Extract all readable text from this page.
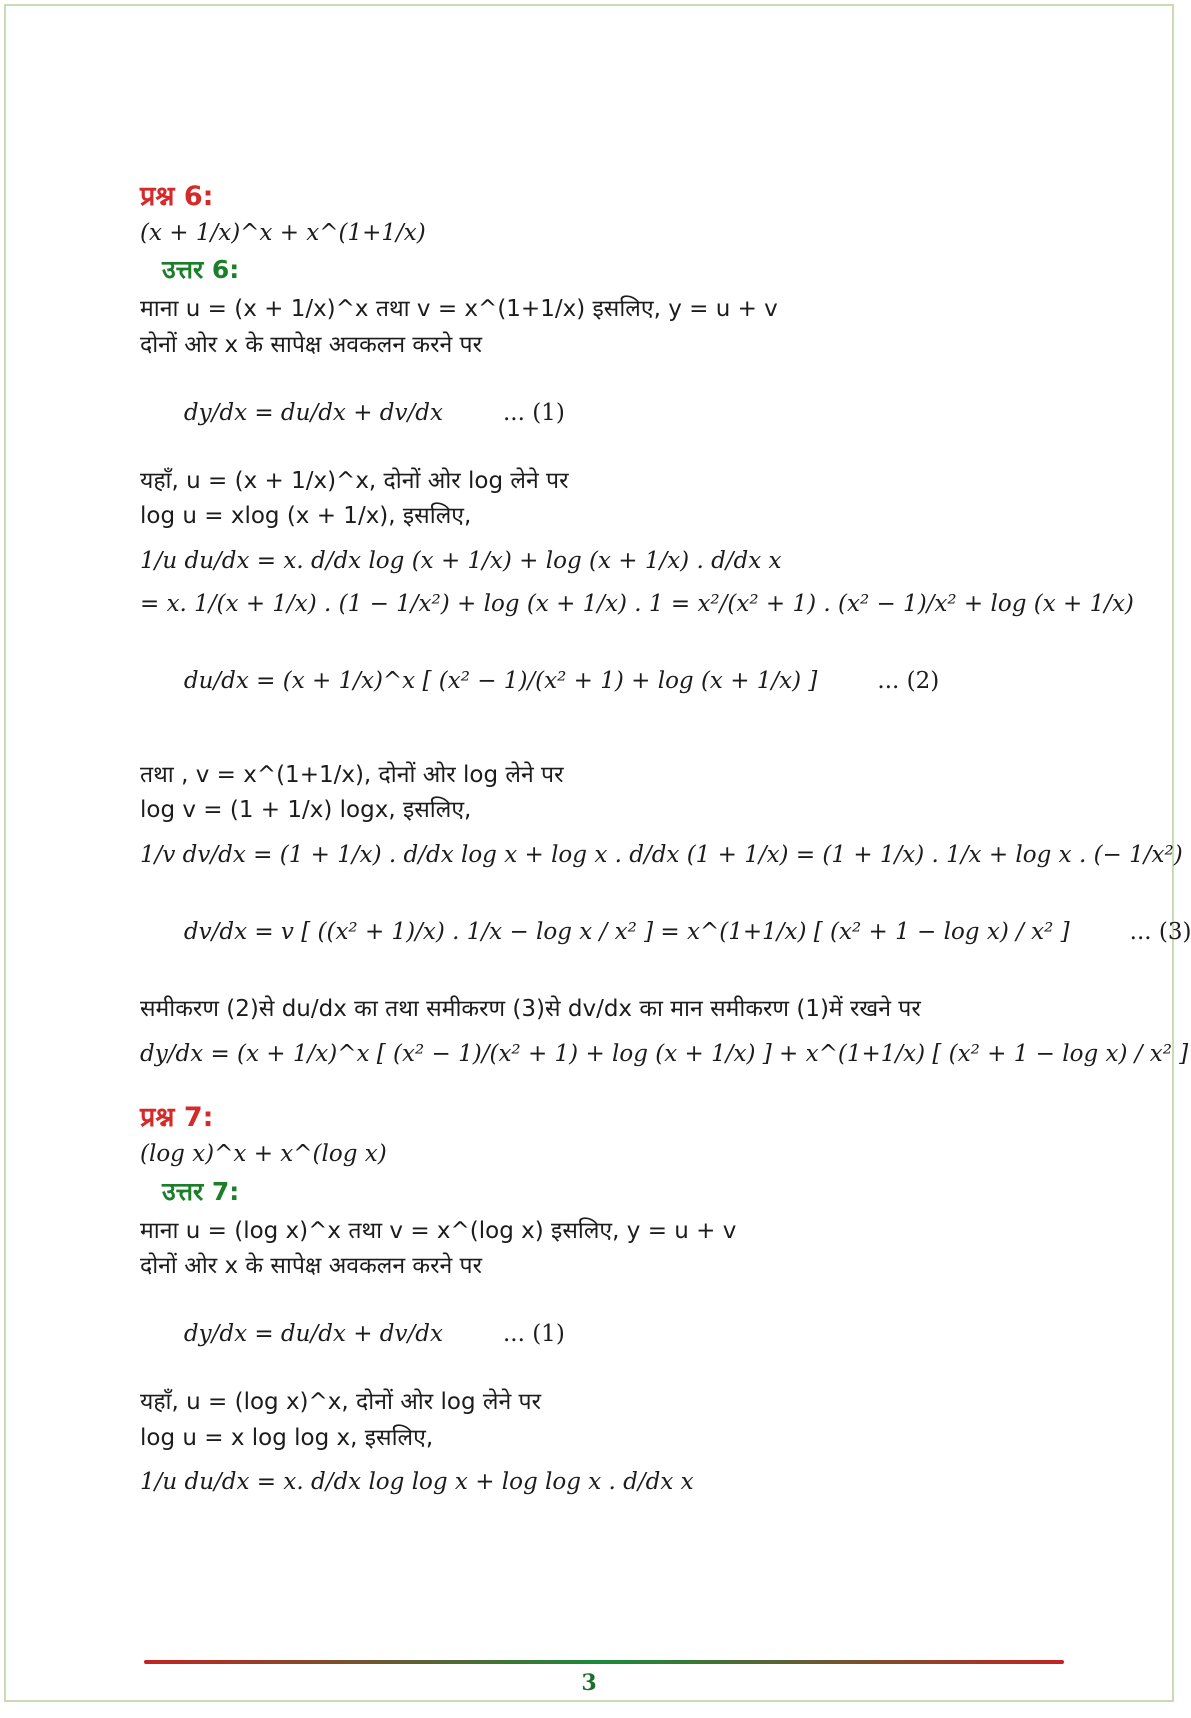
प्रश्न 6:
(x + 1/x)^x + x^(1+1/x)
उत्तर 6:
माना u = (x + 1/x)^x तथा v = x^(1+1/x) इसलिए, y = u + v
दोनों ओर x के सापेक्ष अवकलन करने पर

dy/dx = du/dx + dv/dx	... (1)

यहाँ, u = (x + 1/x)^x, दोनों ओर log लेने पर
log u = xlog (x + 1/x), इसलिए,
1/u du/dx = x. d/dx log (x + 1/x) + log (x + 1/x) . d/dx x
= x. 1/(x + 1/x) . (1 − 1/x²) + log (x + 1/x) . 1 = x²/(x² + 1) . (x² − 1)/x² + log (x + 1/x)

du/dx = (x + 1/x)^x [ (x² − 1)/(x² + 1) + log (x + 1/x) ]	... (2)

तथा , v = x^(1+1/x), दोनों ओर log लेने पर
log v = (1 + 1/x) logx, इसलिए,
1/v dv/dx = (1 + 1/x) . d/dx log x + log x . d/dx (1 + 1/x) = (1 + 1/x) . 1/x + log x . (− 1/x²)

dv/dx = v [ ((x² + 1)/x) . 1/x − log x / x² ] = x^(1+1/x) [ (x² + 1 − log x) / x² ]	... (3)

समीकरण (2)से du/dx का तथा समीकरण (3)से dv/dx का मान समीकरण (1)में रखने पर
dy/dx = (x + 1/x)^x [ (x² − 1)/(x² + 1) + log (x + 1/x) ] + x^(1+1/x) [ (x² + 1 − log x) / x² ]
प्रश्न 7:
(log x)^x + x^(log x)
उत्तर 7:
माना u = (log x)^x तथा v = x^(log x) इसलिए, y = u + v
दोनों ओर x के सापेक्ष अवकलन करने पर

dy/dx = du/dx + dv/dx	... (1)

यहाँ, u = (log x)^x, दोनों ओर log लेने पर
log u = x log log x, इसलिए,
1/u du/dx = x. d/dx log log x + log log x . d/dx x
3
